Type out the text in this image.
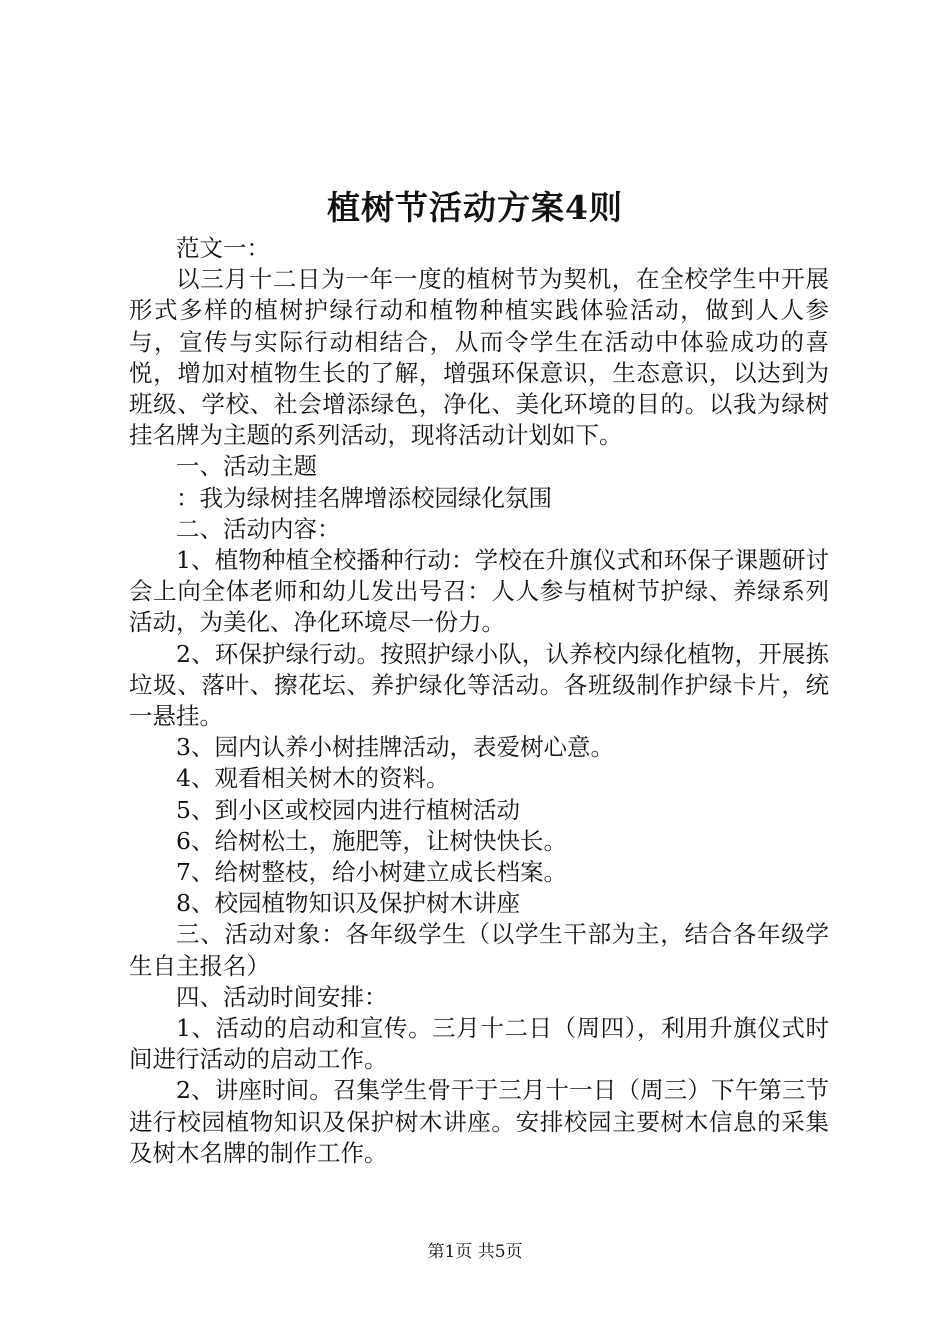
植树节活动方案4则

范文一：

以三月十二日为一年一度的植树节为契机，在全校学生中开展形式多样的植树护绿行动和植物种植实践体验活动，做到人人参与，宣传与实际行动相结合，从而令学生在活动中体验成功的喜悦，增加对植物生长的了解，增强环保意识，生态意识，以达到为班级、学校、社会增添绿色，净化、美化环境的目的。以我为绿树挂名牌为主题的系列活动，现将活动计划如下。

一、活动主题

：我为绿树挂名牌增添校园绿化氛围

二、活动内容：

1、植物种植全校播种行动：学校在升旗仪式和环保子课题研讨会上向全体老师和幼儿发出号召：人人参与植树节护绿、养绿系列活动，为美化、净化环境尽一份力。

2、环保护绿行动。按照护绿小队，认养校内绿化植物，开展拣垃圾、落叶、擦花坛、养护绿化等活动。各班级制作护绿卡片，统一悬挂。

3、园内认养小树挂牌活动，表爱树心意。

4、观看相关树木的资料。

5、到小区或校园内进行植树活动

6、给树松土，施肥等，让树快快长。

7、给树整枝，给小树建立成长档案。

8、校园植物知识及保护树木讲座

三、活动对象：各年级学生（以学生干部为主，结合各年级学生自主报名）

四、活动时间安排：

1、活动的启动和宣传。三月十二日（周四），利用升旗仪式时间进行活动的启动工作。

2、讲座时间。召集学生骨干于三月十一日（周三）下午第三节进行校园植物知识及保护树木讲座。安排校园主要树木信息的采集及树木名牌的制作工作。

第1页 共5页
